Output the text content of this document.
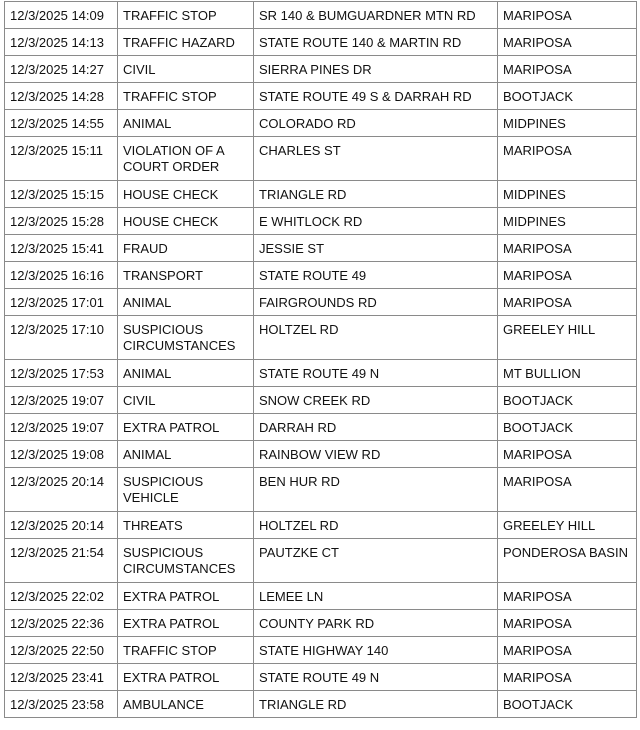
12/3/2025 14:09	TRAFFIC STOP	SR 140 & BUMGUARDNER MTN RD	MARIPOSA
12/3/2025 14:13	TRAFFIC HAZARD	STATE ROUTE 140 & MARTIN RD	MARIPOSA
12/3/2025 14:27	CIVIL	SIERRA PINES DR	MARIPOSA
12/3/2025 14:28	TRAFFIC STOP	STATE ROUTE 49 S & DARRAH RD	BOOTJACK
12/3/2025 14:55	ANIMAL	COLORADO RD	MIDPINES
12/3/2025 15:11	VIOLATION OF A COURT ORDER	CHARLES ST	MARIPOSA
12/3/2025 15:15	HOUSE CHECK	TRIANGLE RD	MIDPINES
12/3/2025 15:28	HOUSE CHECK	E WHITLOCK RD	MIDPINES
12/3/2025 15:41	FRAUD	JESSIE ST	MARIPOSA
12/3/2025 16:16	TRANSPORT	STATE ROUTE 49	MARIPOSA
12/3/2025 17:01	ANIMAL	FAIRGROUNDS RD	MARIPOSA
12/3/2025 17:10	SUSPICIOUS CIRCUMSTANCES	HOLTZEL RD	GREELEY HILL
12/3/2025 17:53	ANIMAL	STATE ROUTE 49 N	MT BULLION
12/3/2025 19:07	CIVIL	SNOW CREEK RD	BOOTJACK
12/3/2025 19:07	EXTRA PATROL	DARRAH RD	BOOTJACK
12/3/2025 19:08	ANIMAL	RAINBOW VIEW RD	MARIPOSA
12/3/2025 20:14	SUSPICIOUS VEHICLE	BEN HUR RD	MARIPOSA
12/3/2025 20:14	THREATS	HOLTZEL RD	GREELEY HILL
12/3/2025 21:54	SUSPICIOUS CIRCUMSTANCES	PAUTZKE CT	PONDEROSA BASIN
12/3/2025 22:02	EXTRA PATROL	LEMEE LN	MARIPOSA
12/3/2025 22:36	EXTRA PATROL	COUNTY PARK RD	MARIPOSA
12/3/2025 22:50	TRAFFIC STOP	STATE HIGHWAY 140	MARIPOSA
12/3/2025 23:41	EXTRA PATROL	STATE ROUTE 49 N	MARIPOSA
12/3/2025 23:58	AMBULANCE	TRIANGLE RD	BOOTJACK
